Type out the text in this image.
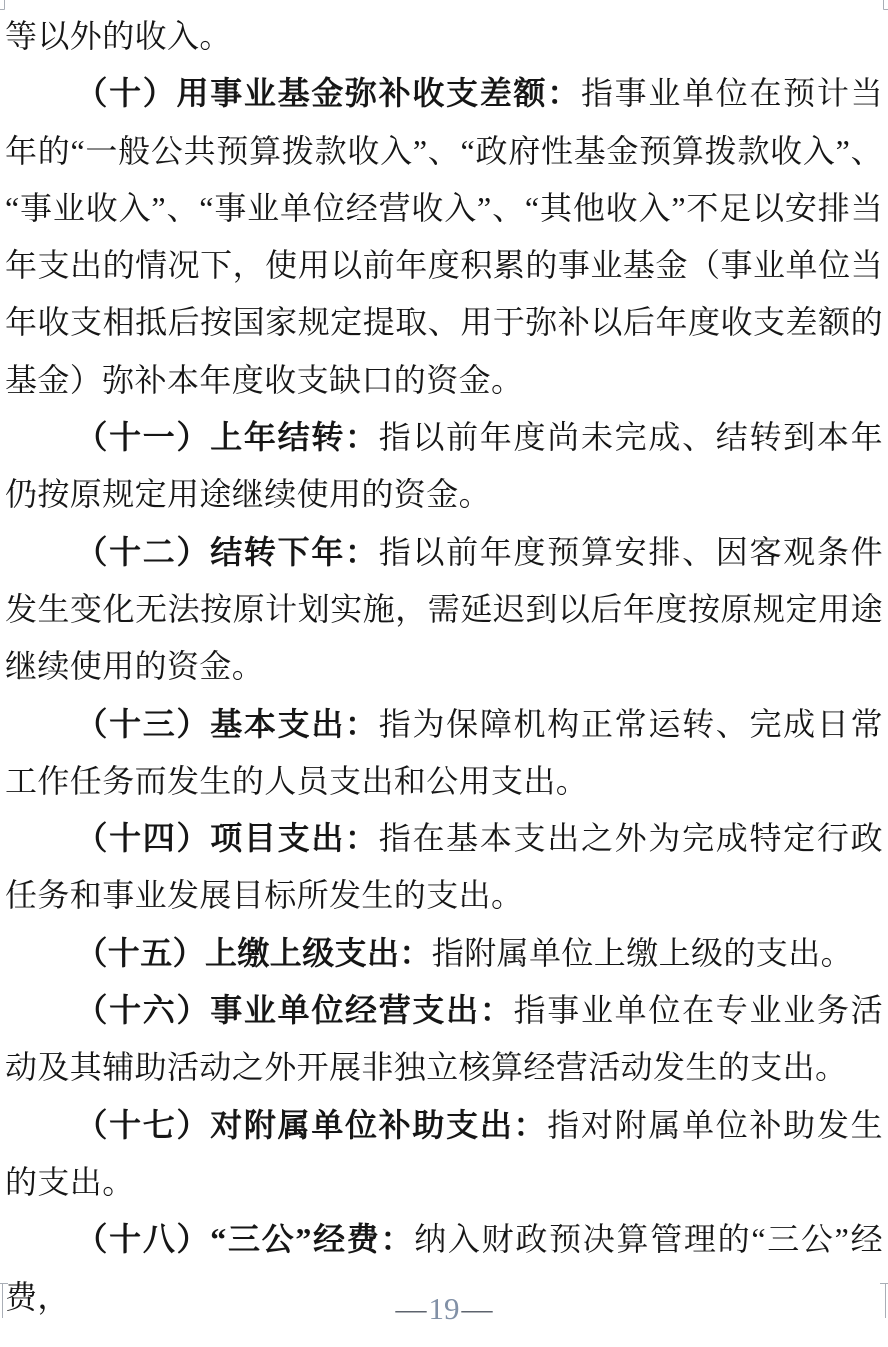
等以外的收入。

（十）用事业基金弥补收支差额：指事业单位在预计当年的“一般公共预算拨款收入”、“政府性基金预算拨款收入”、“事业收入”、“事业单位经营收入”、“其他收入”不足以安排当年支出的情况下，使用以前年度积累的事业基金（事业单位当年收支相抵后按国家规定提取、用于弥补以后年度收支差额的基金）弥补本年度收支缺口的资金。

（十一）上年结转：指以前年度尚未完成、结转到本年仍按原规定用途继续使用的资金。

（十二）结转下年：指以前年度预算安排、因客观条件发生变化无法按原计划实施，需延迟到以后年度按原规定用途继续使用的资金。

（十三）基本支出：指为保障机构正常运转、完成日常工作任务而发生的人员支出和公用支出。

（十四）项目支出：指在基本支出之外为完成特定行政任务和事业发展目标所发生的支出。

（十五）上缴上级支出：指附属单位上缴上级的支出。

（十六）事业单位经营支出：指事业单位在专业业务活动及其辅助活动之外开展非独立核算经营活动发生的支出。

（十七）对附属单位补助支出：指对附属单位补助发生的支出。

（十八）“三公”经费：纳入财政预决算管理的“三公”经费，	—19—
